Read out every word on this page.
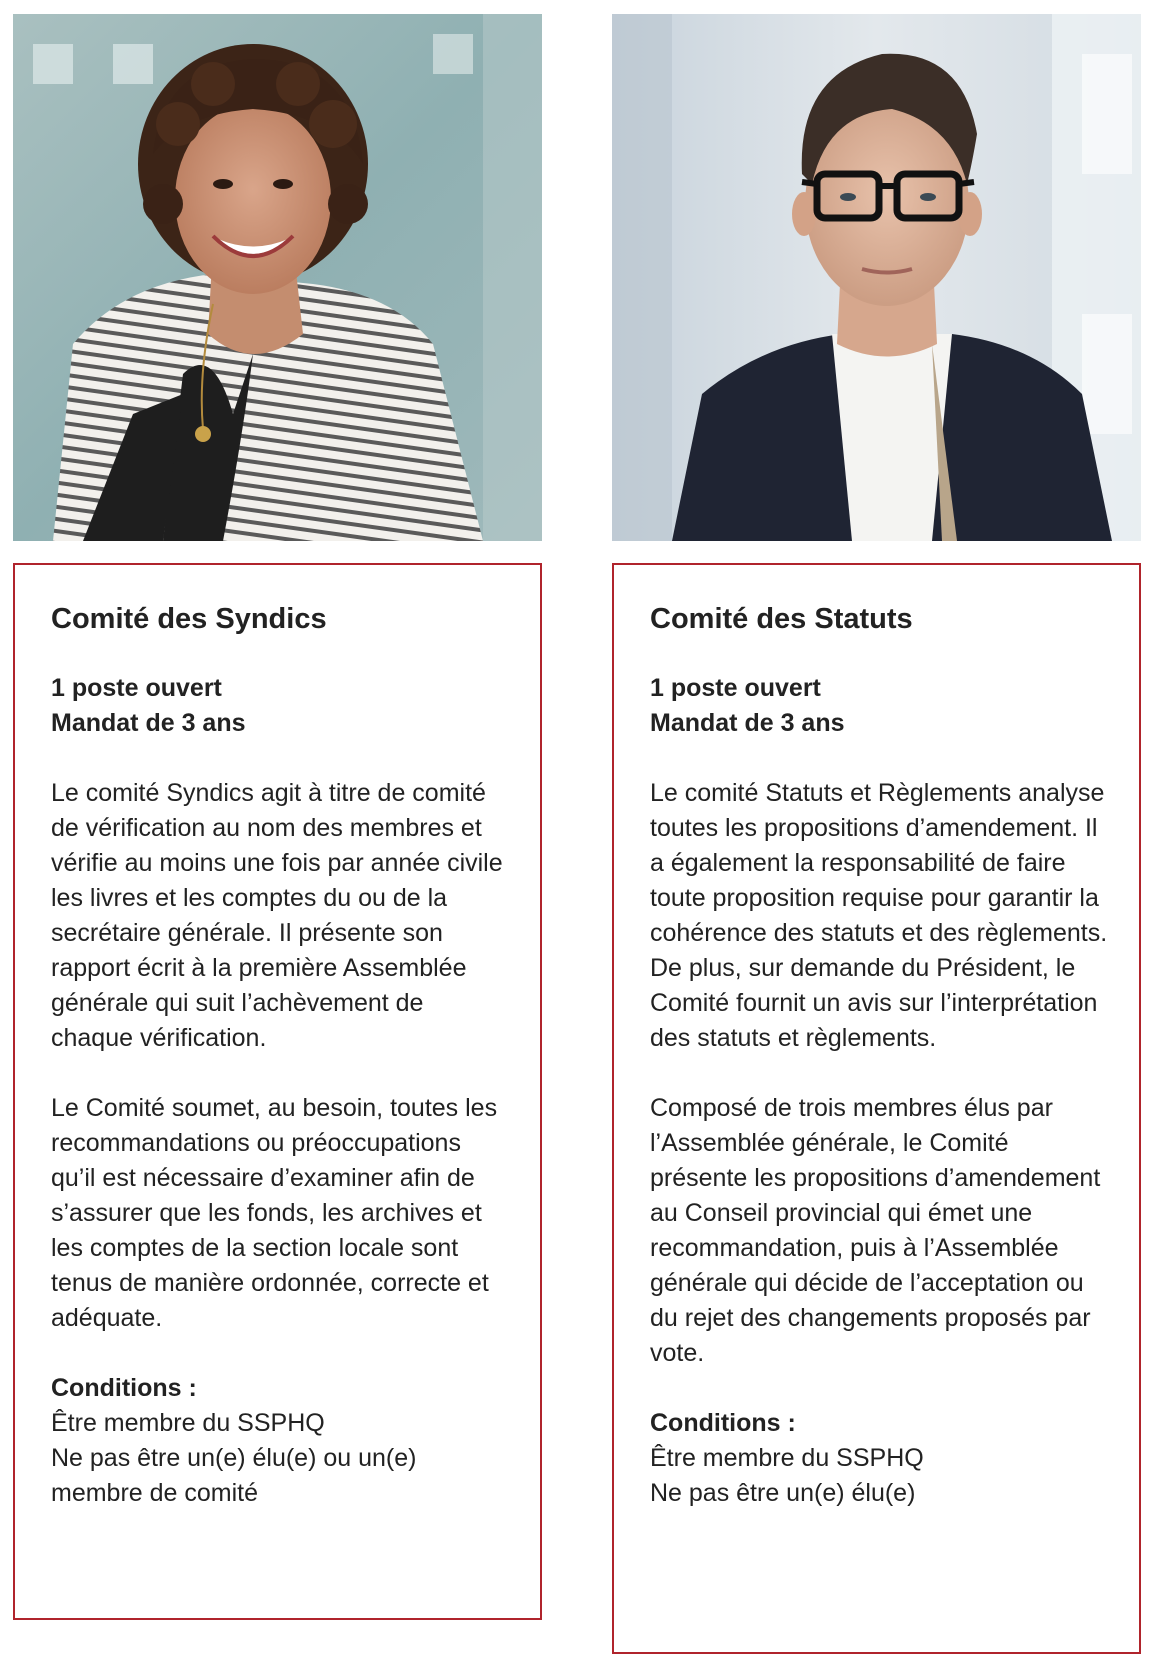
Comité des Syndics
1 poste ouvert
Mandat de 3 ans

Le comité Syndics agit à titre de comité de vérification au nom des membres et vérifie au moins une fois par année civile les livres et les comptes du ou de la secrétaire générale. Il présente son rapport écrit à la première Assemblée générale qui suit l’achèvement de chaque vérification.

Le Comité soumet, au besoin, toutes les recommandations ou préoccupations qu’il est nécessaire d’examiner afin de s’assurer que les fonds, les archives et les comptes de la section locale sont tenus de manière ordonnée, correcte et adéquate.

Conditions :
Être membre du SSPHQ
Ne pas être un(e) élu(e) ou un(e) membre de comité
Comité des Statuts
1 poste ouvert
Mandat de 3 ans

Le comité Statuts et Règlements analyse toutes les propositions d’amendement. Il a également la responsabilité de faire toute proposition requise pour garantir la cohérence des statuts et des règlements. De plus, sur demande du Président, le Comité fournit un avis sur l’interprétation des statuts et règlements.

Composé de trois membres élus par l’Assemblée générale, le Comité présente les propositions d’amendement au Conseil provincial qui émet une recommandation, puis à l’Assemblée générale qui décide de l’acceptation ou du rejet des changements proposés par vote.

Conditions :
Être membre du SSPHQ
Ne pas être un(e) élu(e)
